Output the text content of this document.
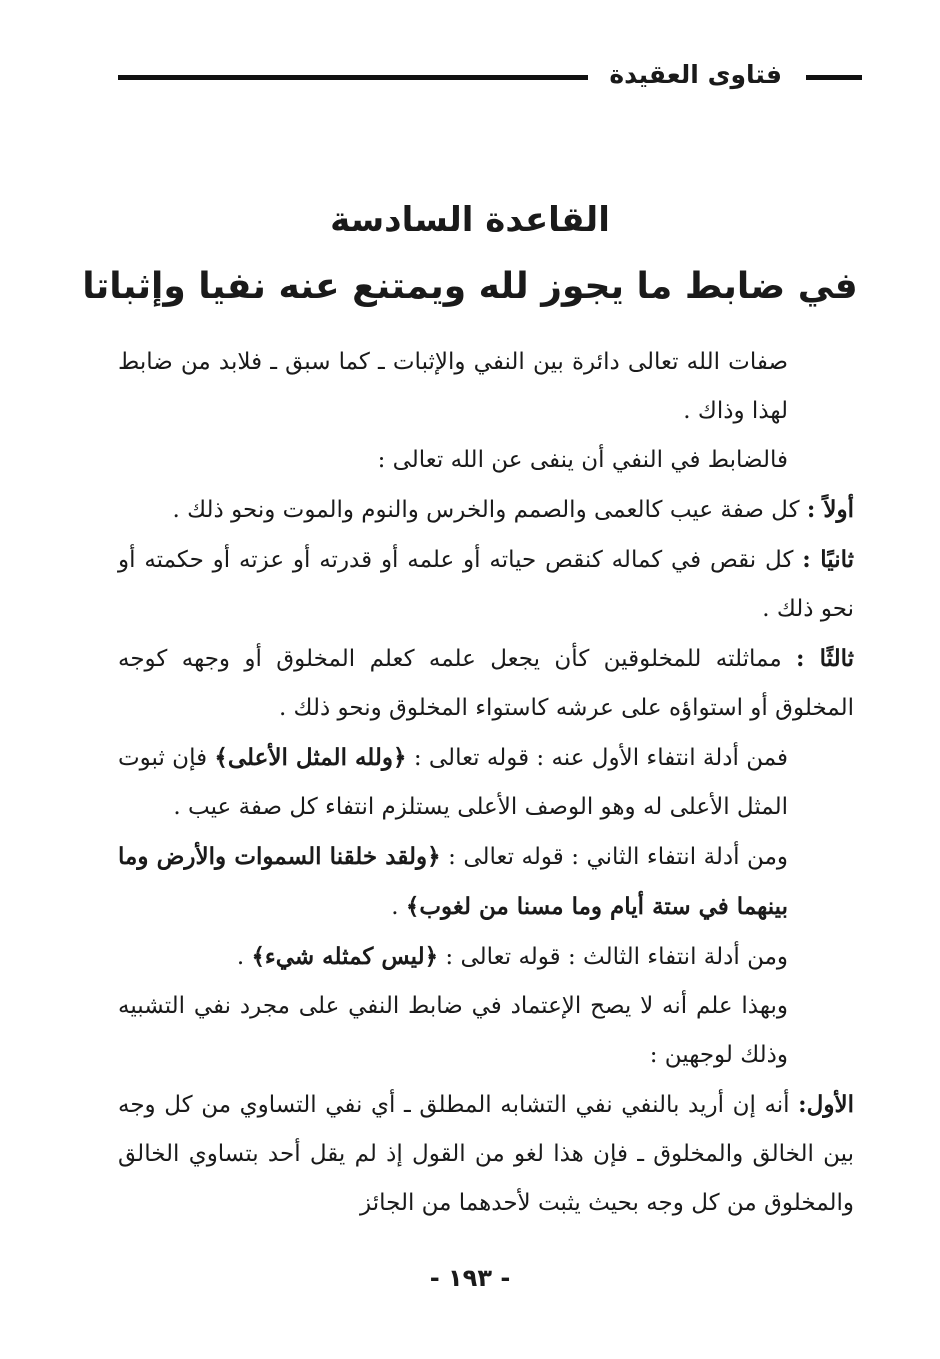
فتاوى العقيدة
القاعدة السادسة
في ضابط ما يجوز لله ويمتنع عنه نفيا وإثباتا

صفات الله تعالى دائرة بين النفي والإثبات ـ كما سبق ـ فلابد من ضابط لهذا وذاك .

فالضابط في النفي أن ينفى عن الله تعالى :

أولاً : كل صفة عيب كالعمى والصمم والخرس والنوم والموت ونحو ذلك .

ثانيًا : كل نقص في كماله كنقص حياته أو علمه أو قدرته أو عزته أو حكمته أو نحو ذلك .

ثالثًا : مماثلته للمخلوقين كأن يجعل علمه كعلم المخلوق أو وجهه كوجه المخلوق أو استواؤه على عرشه كاستواء المخلوق ونحو ذلك .

فمن أدلة انتفاء الأول عنه : قوله تعالى : ﴿ولله المثل الأعلى﴾ فإن ثبوت المثل الأعلى له وهو الوصف الأعلى يستلزم انتفاء كل صفة عيب .

ومن أدلة انتفاء الثاني : قوله تعالى : ﴿ولقد خلقنا السموات والأرض وما بينهما في ستة أيام وما مسنا من لغوب﴾ .

ومن أدلة انتفاء الثالث : قوله تعالى : ﴿ليس كمثله شيء﴾ .

وبهذا علم أنه لا يصح الإعتماد في ضابط النفي على مجرد نفي التشبيه وذلك لوجهين :

الأول: أنه إن أريد بالنفي نفي التشابه المطلق ـ أي نفي التساوي من كل وجه بين الخالق والمخلوق ـ فإن هذا لغو من القول إذ لم يقل أحد بتساوي الخالق والمخلوق من كل وجه بحيث يثبت لأحدهما من الجائز

- ١٩٣ -
